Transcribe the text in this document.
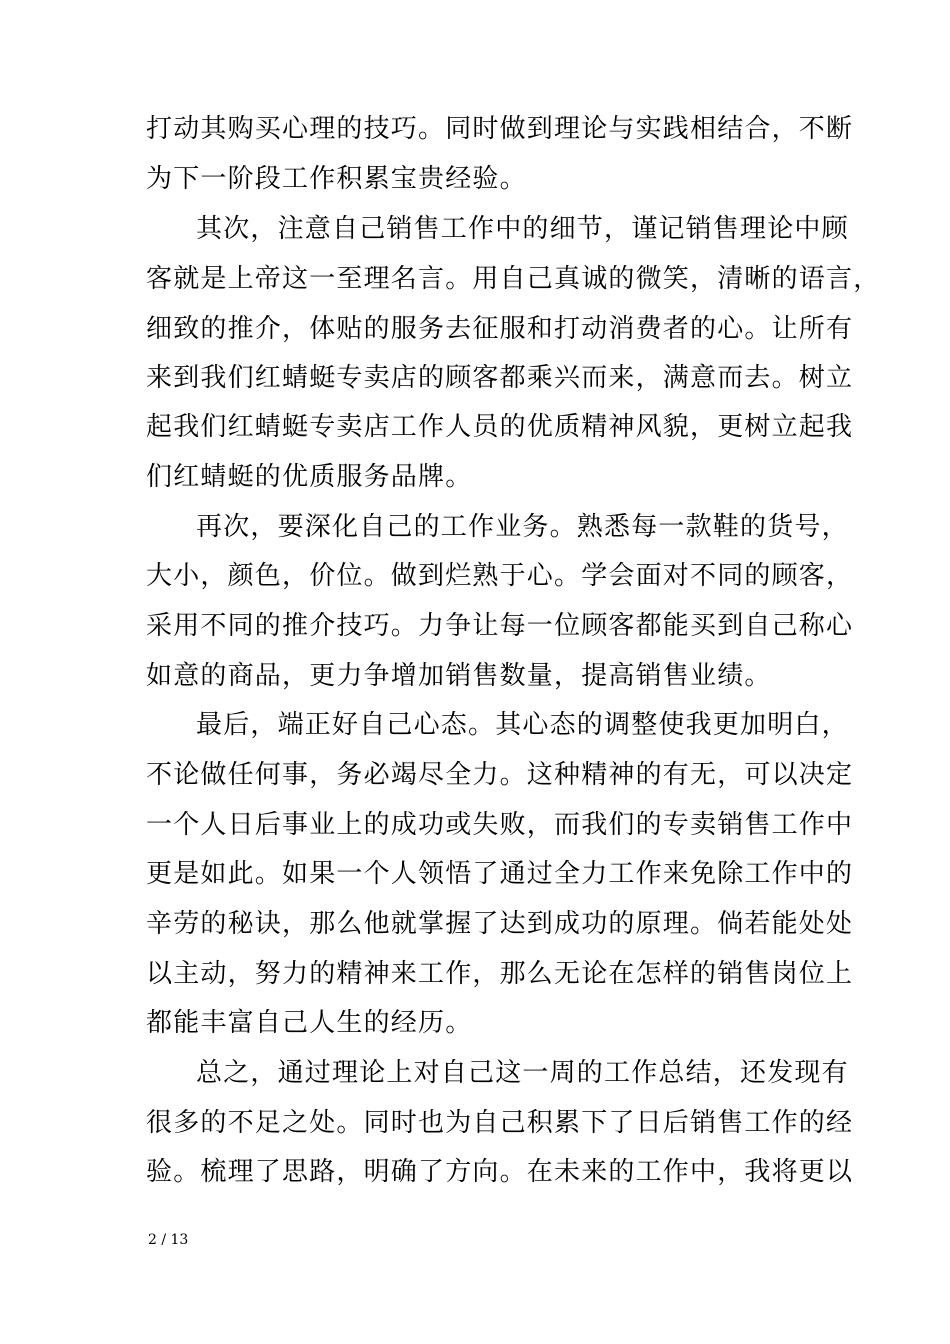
打动其购买心理的技巧。同时做到理论与实践相结合，不断
为下一阶段工作积累宝贵经验。
其次，注意自己销售工作中的细节，谨记销售理论中顾
客就是上帝这一至理名言。用自己真诚的微笑，清晰的语言，
细致的推介，体贴的服务去征服和打动消费者的心。让所有
来到我们红蜻蜓专卖店的顾客都乘兴而来，满意而去。树立
起我们红蜻蜓专卖店工作人员的优质精神风貌，更树立起我
们红蜻蜓的优质服务品牌。
再次，要深化自己的工作业务。熟悉每一款鞋的货号，
大小，颜色，价位。做到烂熟于心。学会面对不同的顾客，
采用不同的推介技巧。力争让每一位顾客都能买到自己称心
如意的商品，更力争增加销售数量，提高销售业绩。
最后，端正好自己心态。其心态的调整使我更加明白，
不论做任何事，务必竭尽全力。这种精神的有无，可以决定
一个人日后事业上的成功或失败，而我们的专卖销售工作中
更是如此。如果一个人领悟了通过全力工作来免除工作中的
辛劳的秘诀，那么他就掌握了达到成功的原理。倘若能处处
以主动，努力的精神来工作，那么无论在怎样的销售岗位上
都能丰富自己人生的经历。
总之，通过理论上对自己这一周的工作总结，还发现有
很多的不足之处。同时也为自己积累下了日后销售工作的经
验。梳理了思路，明确了方向。在未来的工作中，我将更以
2 / 13
